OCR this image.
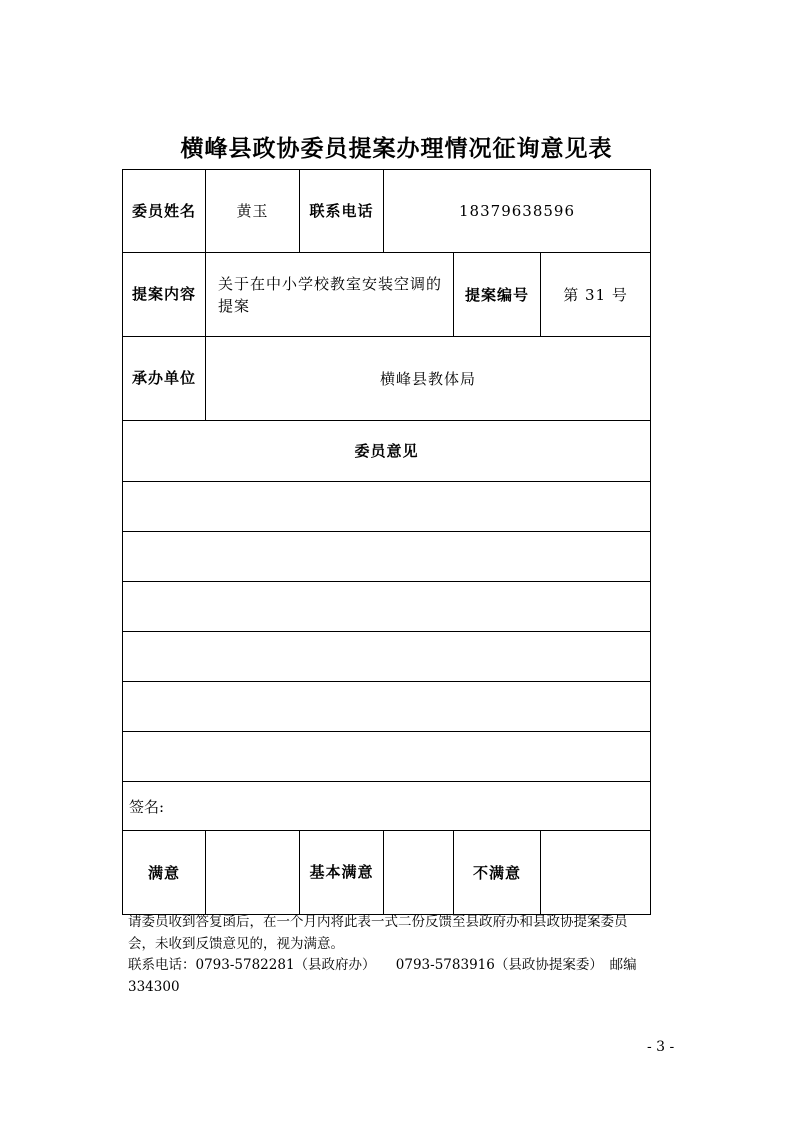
横峰县政协委员提案办理情况征询意见表
委员姓名	黄玉	联系电话	18379638596		

提案内容	关于在中小学校教室安装空调的提案			提案编号	第 31 号

承办单位	横峰县教体局				
委员意见					

签名:					

满意		基本满意		不满意	

请委员收到答复函后，在一个月内将此表一式二份反馈至县政府办和县政协提案委员会，未收到反馈意见的，视为满意。

联系电话：0793-5782281（县政府办）　　0793-5783916（县政协提案委）　邮编334300

- 3 -
